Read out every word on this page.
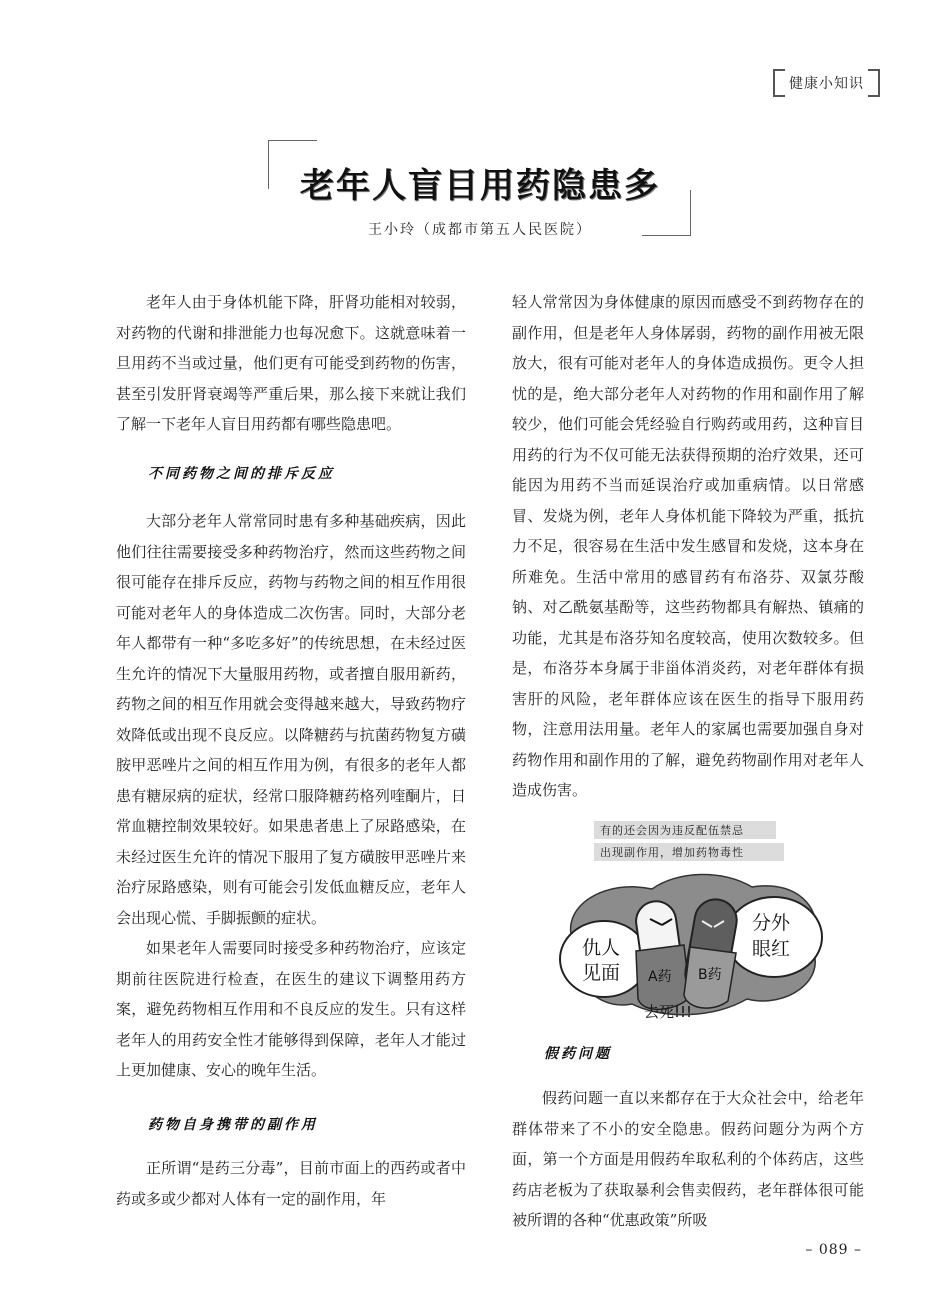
健康小知识
老年人盲目用药隐患多
王小玲（成都市第五人民医院）

老年人由于身体机能下降，肝肾功能相对较弱，对药物的代谢和排泄能力也每况愈下。这就意味着一旦用药不当或过量，他们更有可能受到药物的伤害，甚至引发肝肾衰竭等严重后果，那么接下来就让我们了解一下老年人盲目用药都有哪些隐患吧。

不同药物之间的排斥反应

大部分老年人常常同时患有多种基础疾病，因此他们往往需要接受多种药物治疗，然而这些药物之间很可能存在排斥反应，药物与药物之间的相互作用很可能对老年人的身体造成二次伤害。同时，大部分老年人都带有一种“多吃多好”的传统思想，在未经过医生允许的情况下大量服用药物，或者擅自服用新药，药物之间的相互作用就会变得越来越大，导致药物疗效降低或出现不良反应。以降糖药与抗菌药物复方磺胺甲恶唑片之间的相互作用为例，有很多的老年人都患有糖尿病的症状，经常口服降糖药格列喹酮片，日常血糖控制效果较好。如果患者患上了尿路感染，在未经过医生允许的情况下服用了复方磺胺甲恶唑片来治疗尿路感染，则有可能会引发低血糖反应，老年人会出现心慌、手脚振颤的症状。

如果老年人需要同时接受多种药物治疗，应该定期前往医院进行检查，在医生的建议下调整用药方案，避免药物相互作用和不良反应的发生。只有这样老年人的用药安全性才能够得到保障，老年人才能过上更加健康、安心的晚年生活。

药物自身携带的副作用

正所谓“是药三分毒”，目前市面上的西药或者中药或多或少都对人体有一定的副作用，年

轻人常常因为身体健康的原因而感受不到药物存在的副作用，但是老年人身体孱弱，药物的副作用被无限放大，很有可能对老年人的身体造成损伤。更令人担忧的是，绝大部分老年人对药物的作用和副作用了解较少，他们可能会凭经验自行购药或用药，这种盲目用药的行为不仅可能无法获得预期的治疗效果，还可能因为用药不当而延误治疗或加重病情。以日常感冒、发烧为例，老年人身体机能下降较为严重，抵抗力不足，很容易在生活中发生感冒和发烧，这本身在所难免。生活中常用的感冒药有布洛芬、双氯芬酸钠、对乙酰氨基酚等，这些药物都具有解热、镇痛的功能，尤其是布洛芬知名度较高，使用次数较多。但是，布洛芬本身属于非甾体消炎药，对老年群体有损害肝的风险，老年群体应该在医生的指导下服用药物，注意用法用量。老年人的家属也需要加强自身对药物作用和副作用的了解，避免药物副作用对老年人造成伤害。

有的还会因为违反配伍禁忌
出现副作用，增加药物毒性
仇人
见面
分外
眼红
A药 B药
去死!!!
假药问题

假药问题一直以来都存在于大众社会中，给老年群体带来了不小的安全隐患。假药问题分为两个方面，第一个方面是用假药牟取私利的个体药店，这些药店老板为了获取暴利会售卖假药，老年群体很可能被所谓的各种“优惠政策”所吸

– 089 –
